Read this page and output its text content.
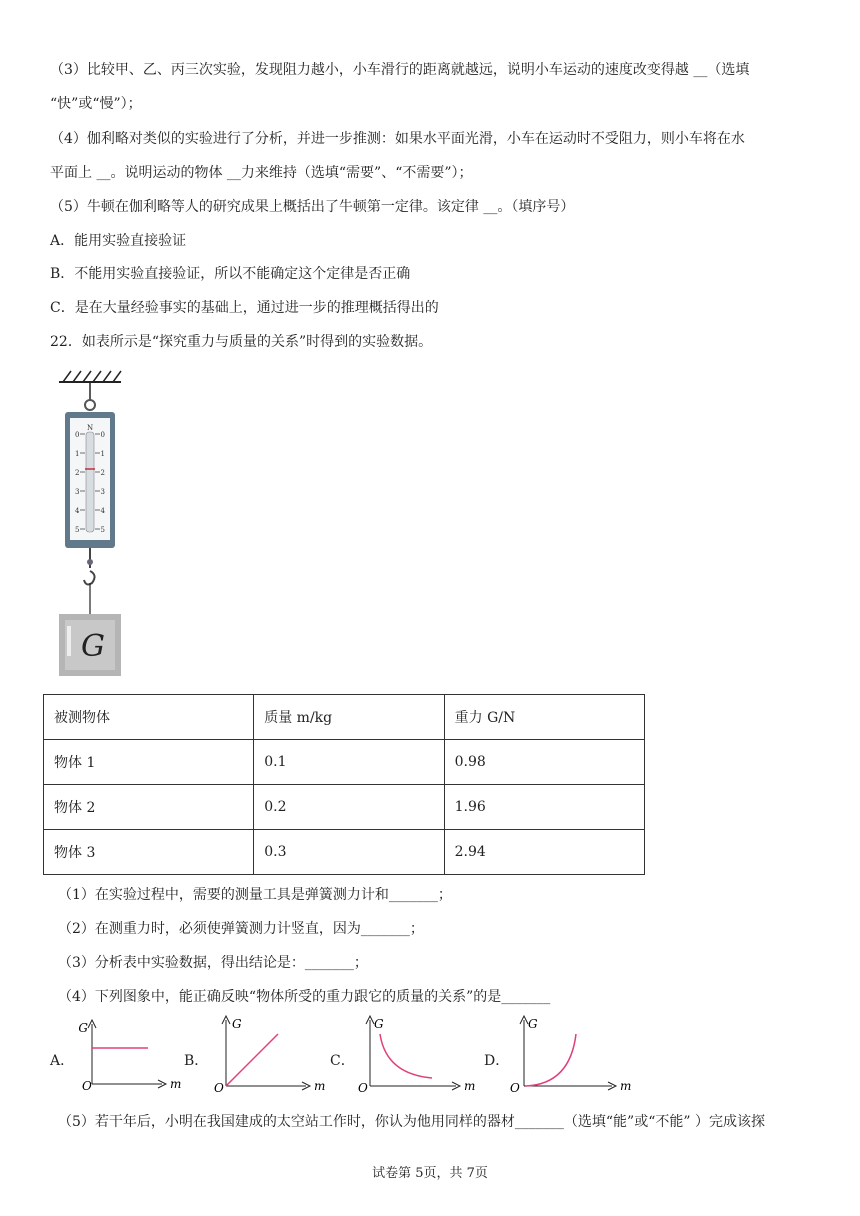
（3）比较甲、乙、丙三次实验，发现阻力越小，小车滑行的距离就越远，说明小车运动的速度改变得越 __（选填
“快”或“慢”）；
（4）伽利略对类似的实验进行了分析，并进一步推测：如果水平面光滑，小车在运动时不受阻力，则小车将在水
平面上 __。说明运动的物体 __力来维持（选填“需要”、“不需要”）；
（5）牛顿在伽利略等人的研究成果上概括出了牛顿第一定律。该定律 __。（填序号）
A．能用实验直接验证
B．不能用实验直接验证，所以不能确定这个定律是否正确
C．是在大量经验事实的基础上，通过进一步的推理概括得出的
22．如表所示是“探究重力与质量的关系”时得到的实验数据。
N
0	0
1	1
2	2
3	3
4	4
5	5
G
被测物体	质量 m/kg	重力 G/N
物体 1	0.1	0.98
物体 2	0.2	1.96
物体 3	0.3	2.94
（1）在实验过程中，需要的测量工具是弹簧测力计和_______；
（2）在测重力时，必须使弹簧测力计竖直，因为_______；
（3）分析表中实验数据，得出结论是：_______；
（4）下列图象中，能正确反映“物体所受的重力跟它的质量的关系”的是_______
A．	B．	C．	D．
G
m
O
G
m
O
G
m
O
G
m
O
（5）若干年后，小明在我国建成的太空站工作时，你认为他用同样的器材_______（选填“能”或“不能” ）完成该探
试卷第 5页，共 7页
